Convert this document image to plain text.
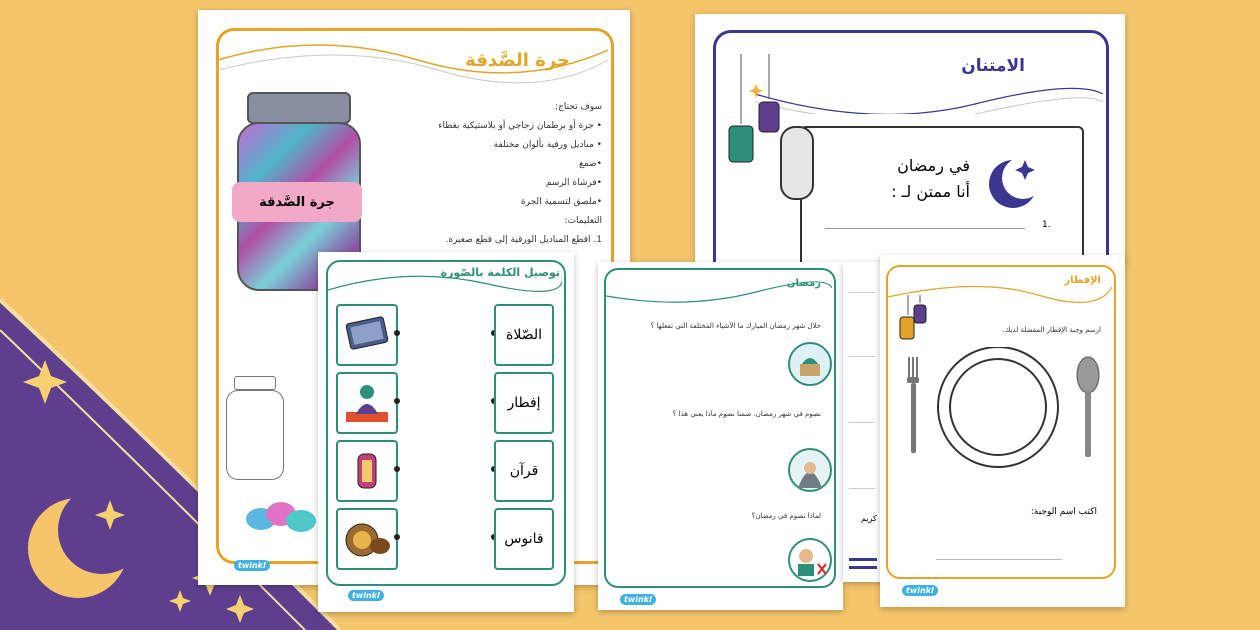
جرة الصَّدقة
جرة الصَّدقة
سوف تحتاج:
• جرة أو برطمان زجاجي أو بلاستيكية بغطاء
• مناديل ورقية بألوان مختلفة
•صمغ
•فرشاة الرسم
•ملصق لتسمية الجرة
التعليمات:
1. اقطع المناديل الورقية إلى قطع صغيرة.
twinkl
الامتنان
في رمضان
أنا ممتن لـ :
1.
توصيل الكلمة بالصّورة
الصّلاة
إفطار
قرآن
فانوس
twinkl
رمضان
خلال شهر رمضان المبارك ما الأشياء المختلفة التي تفعلها ؟
نصوم في شهر رمضان. صمنا نصوم ماذا يعني هذا ؟
لماذا نصوم في رمضان؟
twinkl
كريم
الإفطار
ارسم وجبة الإفطار المفضلة لديك.
اكتب اسم الوجبة:
twinkl
